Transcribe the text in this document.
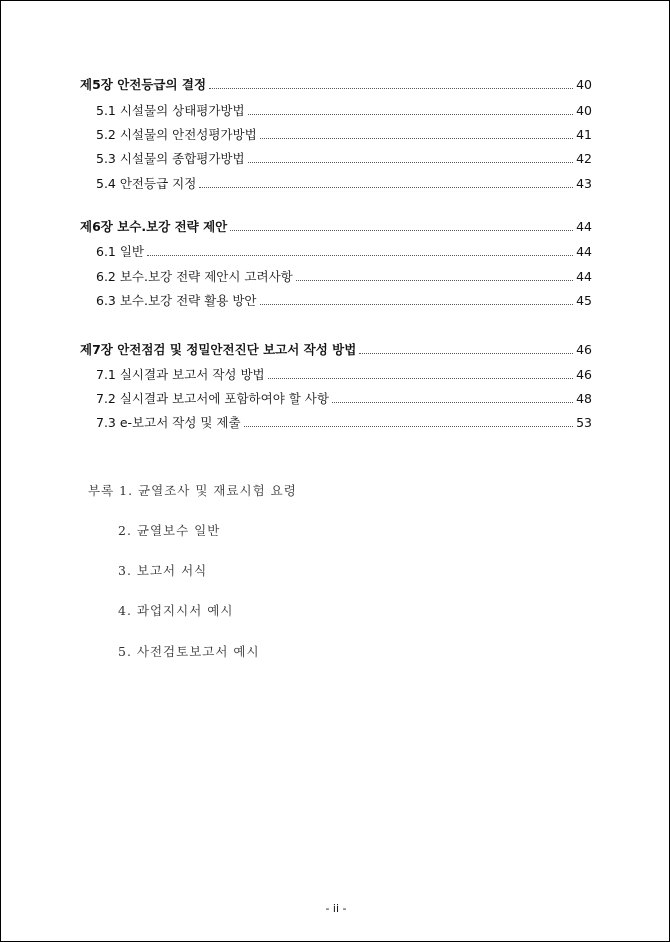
제5장 안전등급의 결정	40
5.1 시설물의 상태평가방법	40
5.2 시설물의 안전성평가방법	41
5.3 시설물의 종합평가방법	42
5.4 안전등급 지정	43
제6장 보수.보강 전략 제안	44
6.1 일반	44
6.2 보수.보강 전략 제안시 고려사항	44
6.3 보수.보강 전략 활용 방안	45
제7장 안전점검 및 정밀안전진단 보고서 작성 방법	46
7.1 실시결과 보고서 작성 방법	46
7.2 실시결과 보고서에 포함하여야 할 사항	48
7.3 e-보고서 작성 및 제출	53
부록 1. 균열조사 및 재료시험 요령
2. 균열보수 일반
3. 보고서 서식
4. 과업지시서 예시
5. 사전검토보고서 예시
- ii -
